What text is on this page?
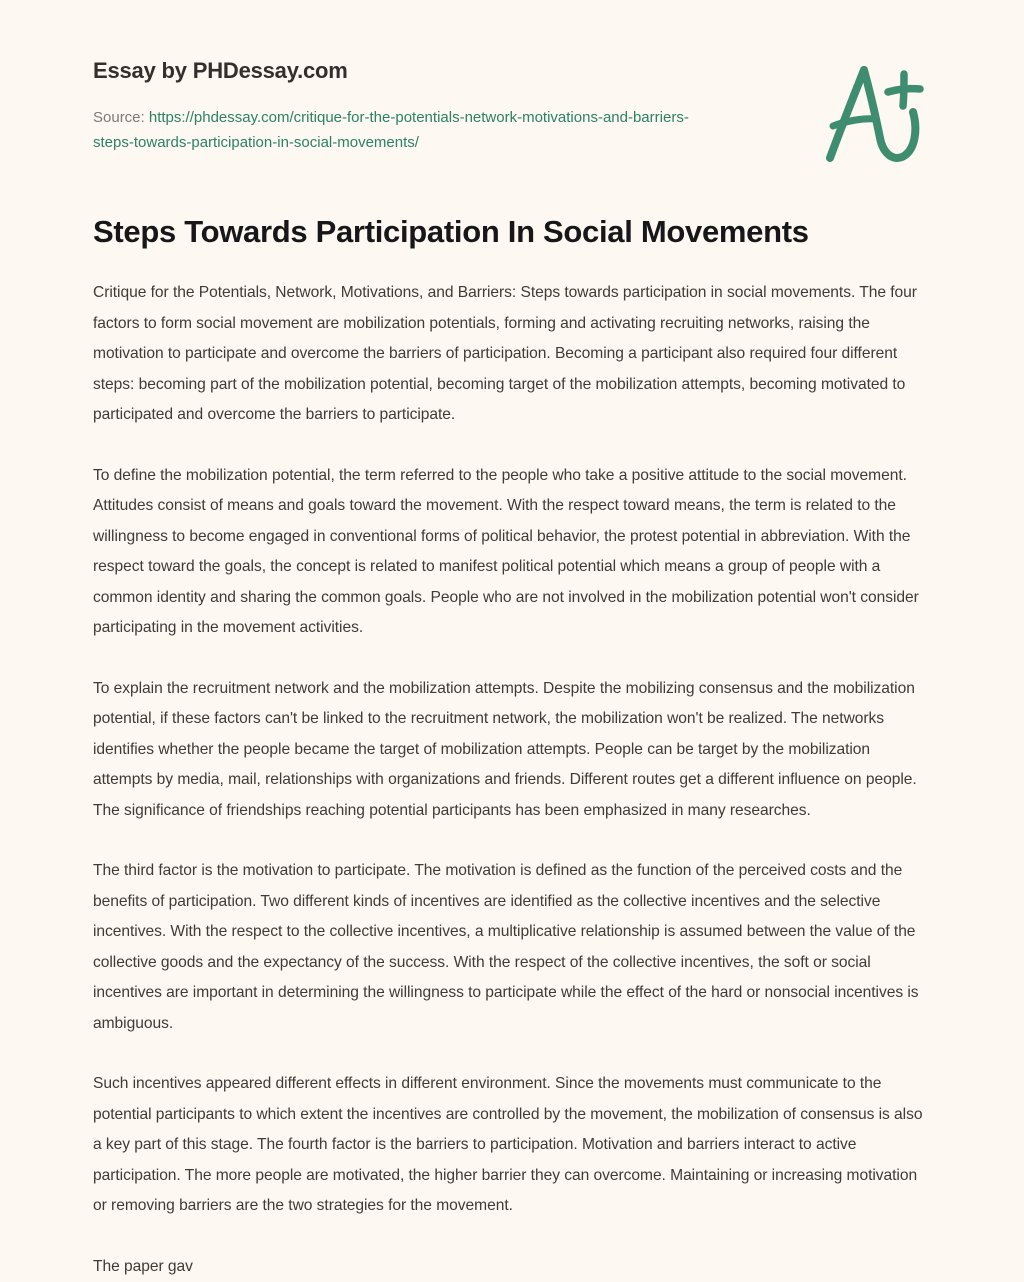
Essay by PHDessay.com
Source: https://phdessay.com/critique-for-the-potentials-network-motivations-and-barriers-steps-towards-participation-in-social-movements/
Steps Towards Participation In Social Movements

Critique for the Potentials, Network, Motivations, and Barriers: Steps towards participation in social movements. The four factors to form social movement are mobilization potentials, forming and activating recruiting networks, raising the motivation to participate and overcome the barriers of participation. Becoming a participant also required four different steps: becoming part of the mobilization potential, becoming target of the mobilization attempts, becoming motivated to participated and overcome the barriers to participate.

To define the mobilization potential, the term referred to the people who take a positive attitude to the social movement. Attitudes consist of means and goals toward the movement. With the respect toward means, the term is related to the willingness to become engaged in conventional forms of political behavior, the protest potential in abbreviation. With the respect toward the goals, the concept is related to manifest political potential which means a group of people with a common identity and sharing the common goals. People who are not involved in the mobilization potential won't consider participating in the movement activities.

To explain the recruitment network and the mobilization attempts. Despite the mobilizing consensus and the mobilization potential, if these factors can't be linked to the recruitment network, the mobilization won't be realized. The networks identifies whether the people became the target of mobilization attempts. People can be target by the mobilization attempts by media, mail, relationships with organizations and friends. Different routes get a different influence on people. The significance of friendships reaching potential participants has been emphasized in many researches.

The third factor is the motivation to participate. The motivation is defined as the function of the perceived costs and the benefits of participation. Two different kinds of incentives are identified as the collective incentives and the selective incentives. With the respect to the collective incentives, a multiplicative relationship is assumed between the value of the collective goods and the expectancy of the success. With the respect of the collective incentives, the soft or social incentives are important in determining the willingness to participate while the effect of the hard or nonsocial incentives is ambiguous.

Such incentives appeared different effects in different environment. Since the movements must communicate to the potential participants to which extent the incentives are controlled by the movement, the mobilization of consensus is also a key part of this stage. The fourth factor is the barriers to participation. Motivation and barriers interact to active participation. The more people are motivated, the higher barrier they can overcome. Maintaining or increasing motivation or removing barriers are the two strategies for the movement.

The paper gav
